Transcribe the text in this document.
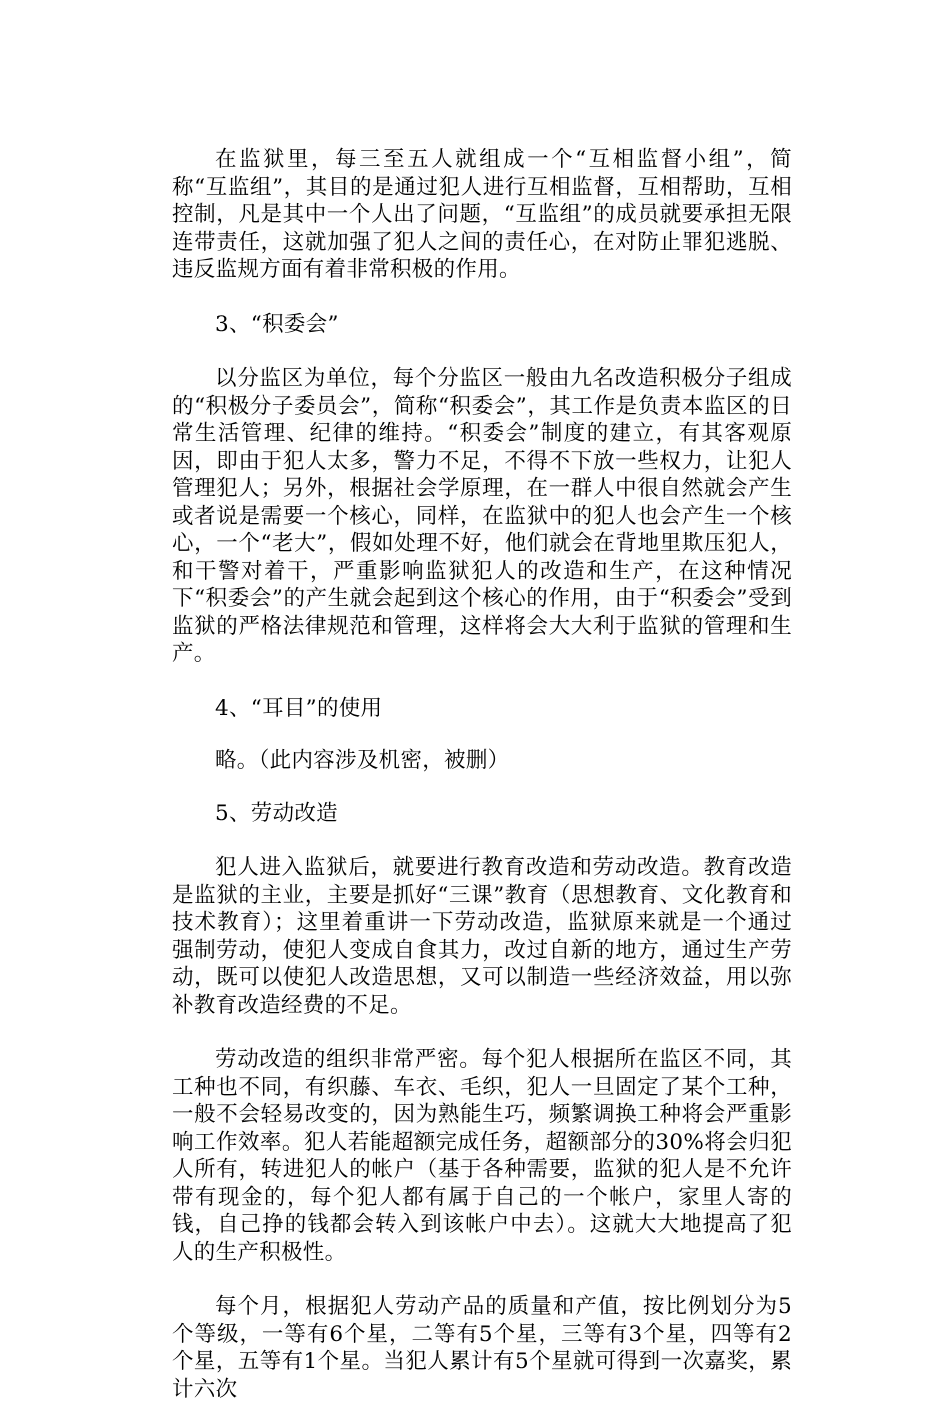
在监狱里，每三至五人就组成一个“互相监督小组”，简称“互监组”，其目的是通过犯人进行互相监督，互相帮助，互相控制，凡是其中一个人出了问题，“互监组”的成员就要承担无限连带责任，这就加强了犯人之间的责任心，在对防止罪犯逃脱、违反监规方面有着非常积极的作用。

3、“积委会”

以分监区为单位，每个分监区一般由九名改造积极分子组成的“积极分子委员会”，简称“积委会”，其工作是负责本监区的日常生活管理、纪律的维持。“积委会”制度的建立，有其客观原因，即由于犯人太多，警力不足，不得不下放一些权力，让犯人管理犯人；另外，根据社会学原理，在一群人中很自然就会产生或者说是需要一个核心，同样，在监狱中的犯人也会产生一个核心，一个“老大”，假如处理不好，他们就会在背地里欺压犯人，和干警对着干，严重影响监狱犯人的改造和生产，在这种情况下“积委会”的产生就会起到这个核心的作用，由于“积委会”受到监狱的严格法律规范和管理，这样将会大大利于监狱的管理和生产。

4、“耳目”的使用

略。（此内容涉及机密，被删）

5、劳动改造

犯人进入监狱后，就要进行教育改造和劳动改造。教育改造是监狱的主业，主要是抓好“三课”教育（思想教育、文化教育和技术教育）；这里着重讲一下劳动改造，监狱原来就是一个通过强制劳动，使犯人变成自食其力，改过自新的地方，通过生产劳动，既可以使犯人改造思想，又可以制造一些经济效益，用以弥补教育改造经费的不足。

劳动改造的组织非常严密。每个犯人根据所在监区不同，其工种也不同，有织藤、车衣、毛织，犯人一旦固定了某个工种，一般不会轻易改变的，因为熟能生巧，频繁调换工种将会严重影响工作效率。犯人若能超额完成任务，超额部分的30%将会归犯人所有，转进犯人的帐户（基于各种需要，监狱的犯人是不允许带有现金的，每个犯人都有属于自己的一个帐户，家里人寄的钱，自己挣的钱都会转入到该帐户中去）。这就大大地提高了犯人的生产积极性。

每个月，根据犯人劳动产品的质量和产值，按比例划分为5个等级，一等有6个星，二等有5个星，三等有3个星，四等有2个星，五等有1个星。当犯人累计有5个星就可得到一次嘉奖，累计六次
